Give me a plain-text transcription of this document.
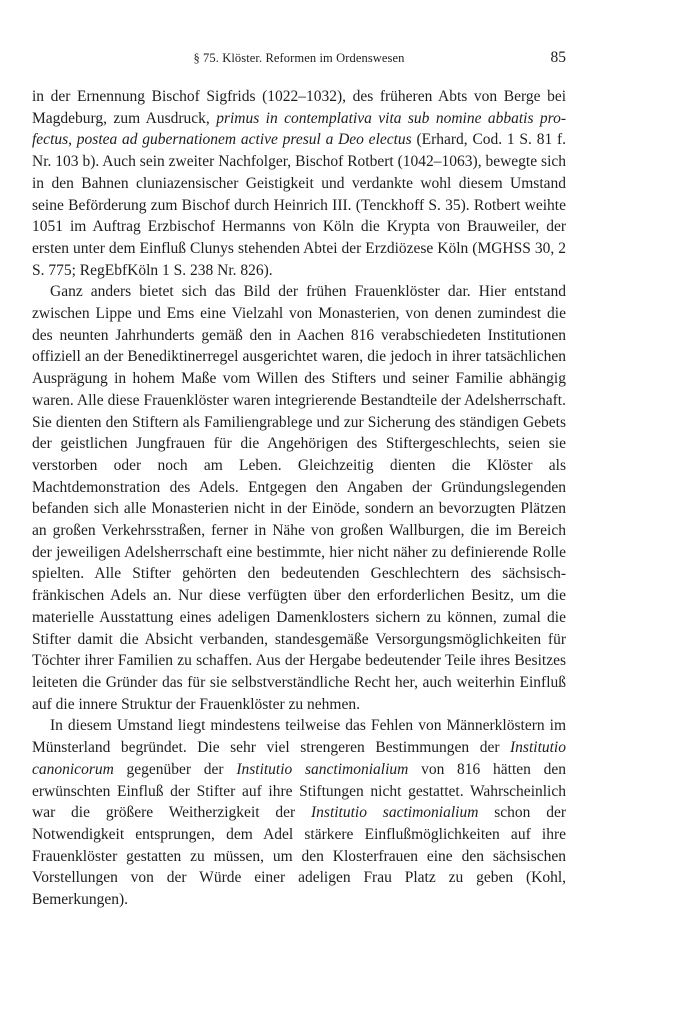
§ 75. Klöster. Reformen im Ordenswesen	85

in der Ernennung Bischof Sigfrids (1022–1032), des früheren Abts von Berge bei Magdeburg, zum Ausdruck, primus in contemplativa vita sub nomine abbatis profectus, postea ad gubernationem active presul a Deo electus (Erhard, Cod. 1 S. 81 f. Nr. 103 b). Auch sein zweiter Nachfolger, Bischof Rotbert (1042–1063), bewegte sich in den Bahnen cluniazensischer Geistigkeit und verdankte wohl diesem Umstand seine Beförderung zum Bischof durch Heinrich III. (Tenckhoff S. 35). Rotbert weihte 1051 im Auftrag Erzbischof Hermanns von Köln die Krypta von Brauweiler, der ersten unter dem Einfluß Clunys stehenden Abtei der Erzdiözese Köln (MGHSS 30, 2 S. 775; RegEbfKöln 1 S. 238 Nr. 826).

Ganz anders bietet sich das Bild der frühen Frauenklöster dar. Hier entstand zwischen Lippe und Ems eine Vielzahl von Monasterien, von denen zumindest die des neunten Jahrhunderts gemäß den in Aachen 816 verabschiedeten Institutionen offiziell an der Benediktinerregel ausgerichtet waren, die jedoch in ihrer tatsächlichen Ausprägung in hohem Maße vom Willen des Stifters und seiner Familie abhängig waren. Alle diese Frauenklöster waren integrierende Bestandteile der Adelsherrschaft. Sie dienten den Stiftern als Familiengrablege und zur Sicherung des ständigen Gebets der geistlichen Jungfrauen für die Angehörigen des Stiftergeschlechts, seien sie verstorben oder noch am Leben. Gleichzeitig dienten die Klöster als Machtdemonstration des Adels. Entgegen den Angaben der Gründungslegenden befanden sich alle Monasterien nicht in der Einöde, sondern an bevorzugten Plätzen an großen Verkehrsstraßen, ferner in Nähe von großen Wallburgen, die im Bereich der jeweiligen Adelsherrschaft eine bestimmte, hier nicht näher zu definierende Rolle spielten. Alle Stifter gehörten den bedeutenden Geschlechtern des sächsisch-fränkischen Adels an. Nur diese verfügten über den erforderlichen Besitz, um die materielle Ausstattung eines adeligen Damenklosters sichern zu können, zumal die Stifter damit die Absicht verbanden, standesgemäße Versorgungsmöglichkeiten für Töchter ihrer Familien zu schaffen. Aus der Hergabe bedeutender Teile ihres Besitzes leiteten die Gründer das für sie selbstverständliche Recht her, auch weiterhin Einfluß auf die innere Struktur der Frauenklöster zu nehmen.

In diesem Umstand liegt mindestens teilweise das Fehlen von Männerklöstern im Münsterland begründet. Die sehr viel strengeren Bestimmungen der Institutio canonicorum gegenüber der Institutio sanctimonialium von 816 hätten den erwünschten Einfluß der Stifter auf ihre Stiftungen nicht gestattet. Wahrscheinlich war die größere Weitherzigkeit der Institutio sactimonialium schon der Notwendigkeit entsprungen, dem Adel stärkere Einflußmöglichkeiten auf ihre Frauenklöster gestatten zu müssen, um den Klosterfrauen eine den sächsischen Vorstellungen von der Würde einer adeligen Frau Platz zu geben (Kohl, Bemerkungen).
